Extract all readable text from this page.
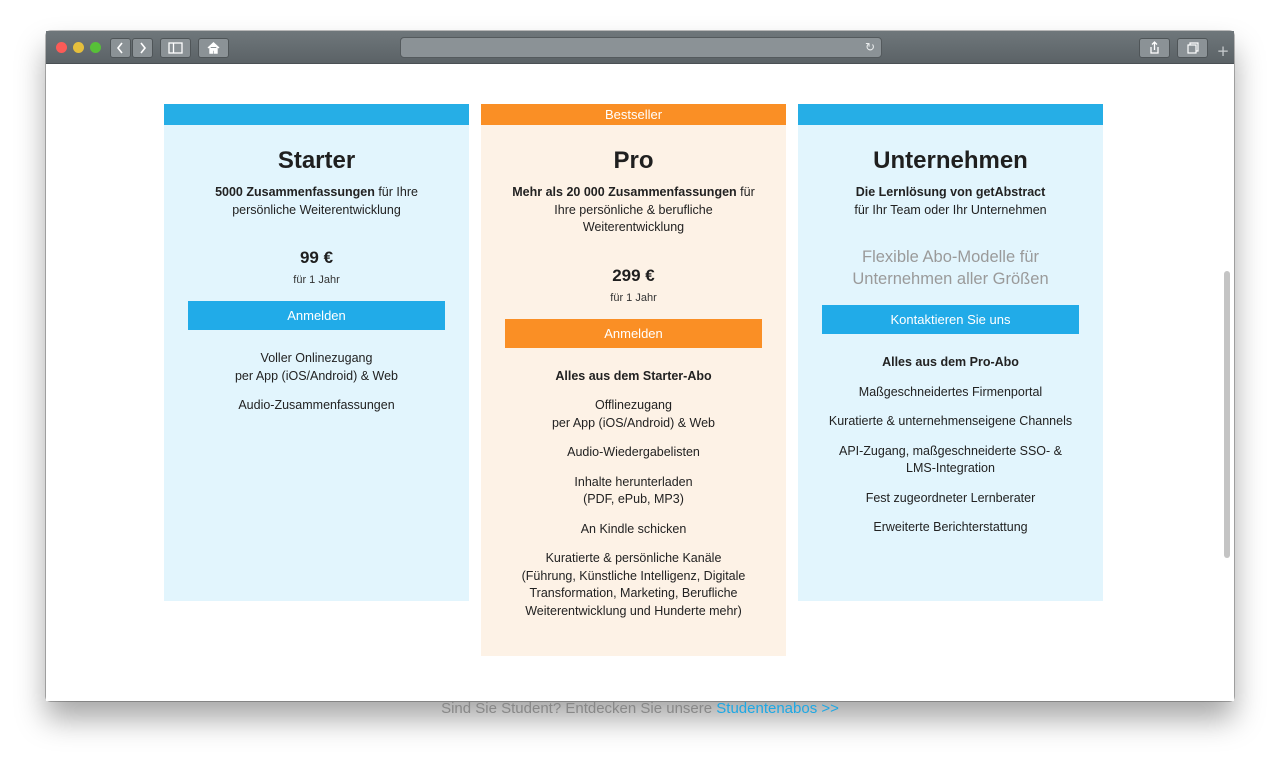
↻	+
Starter
5000 Zusammenfassungen für Ihre persönliche Weiterentwicklung
99 €
für 1 Jahr
Anmelden
Voller Onlinezugang
per App (iOS/Android) & Web
Audio-Zusammenfassungen
Bestseller
Pro
Mehr als 20 000 Zusammenfassungen für Ihre persönliche & berufliche Weiterentwicklung
299 €
für 1 Jahr
Anmelden
Alles aus dem Starter-Abo
Offlinezugang
per App (iOS/Android) & Web
Audio-Wiedergabelisten
Inhalte herunterladen
(PDF, ePub, MP3)
An Kindle schicken
Kuratierte & persönliche Kanäle
(Führung, Künstliche Intelligenz, Digitale
Transformation, Marketing, Berufliche
Weiterentwicklung und Hunderte mehr)
Unternehmen
Die Lernlösung von getAbstract
für Ihr Team oder Ihr Unternehmen
Flexible Abo-Modelle für Unternehmen aller Größen
Kontaktieren Sie uns
Alles aus dem Pro-Abo
Maßgeschneidertes Firmenportal
Kuratierte & unternehmenseigene Channels
API-Zugang, maßgeschneiderte SSO- &
LMS-Integration
Fest zugeordneter Lernberater
Erweiterte Berichterstattung
Sind Sie Student? Entdecken Sie unsere Studentenabos >>
